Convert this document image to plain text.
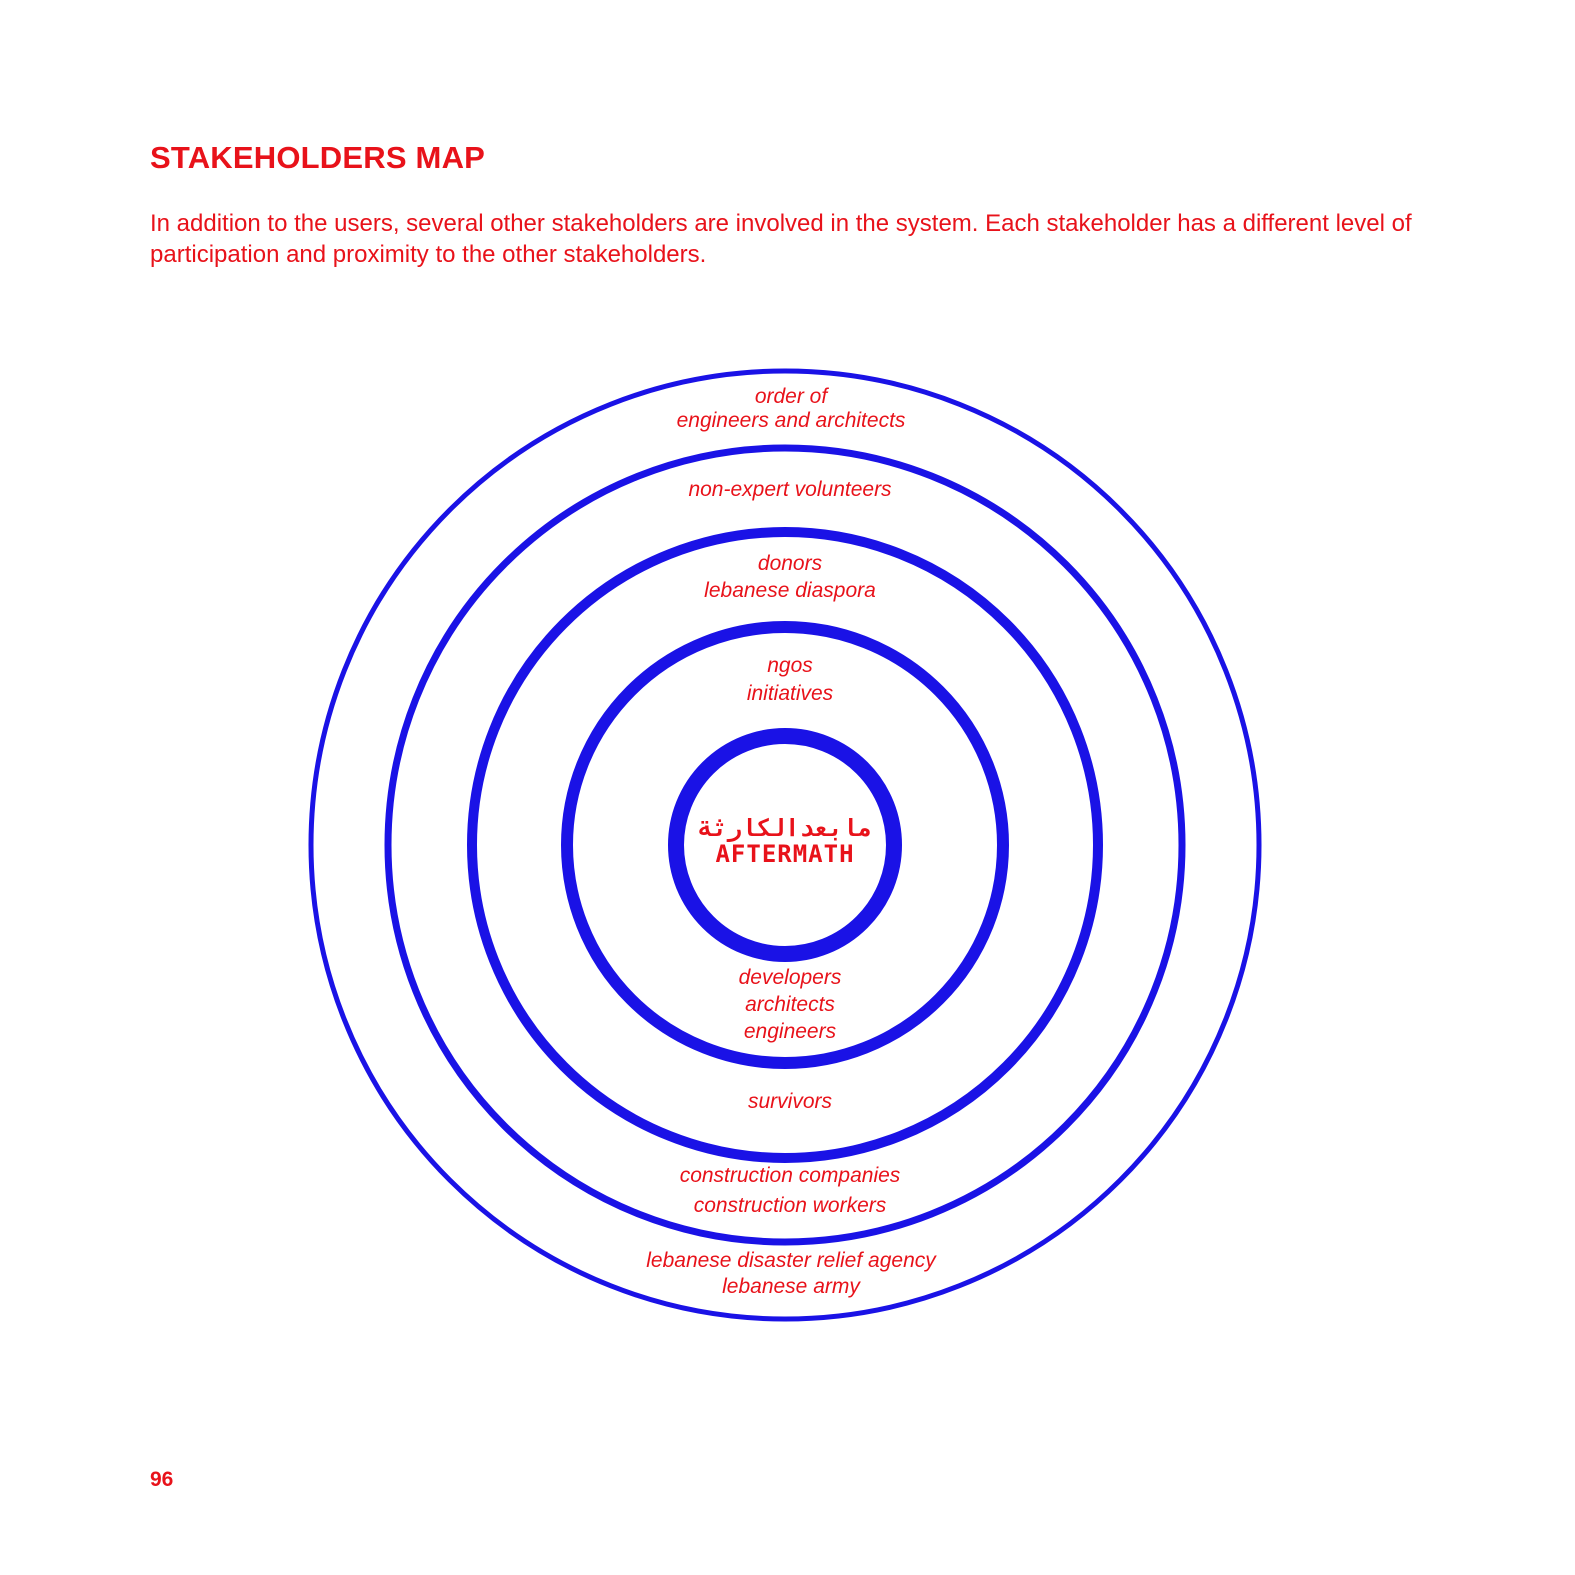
STAKEHOLDERS MAP

In addition to the users, several other stakeholders are involved in the system. Each stakeholder has a different level of participation and proximity to the other stakeholders.

مابعدالكارثة
AFTERMATH
order of
engineers and architects
lebanese disaster relief agency
lebanese army
non-expert volunteers
construction companies
construction workers
donors
lebanese diaspora
survivors
ngos
initiatives
developers
architects
engineers
96
